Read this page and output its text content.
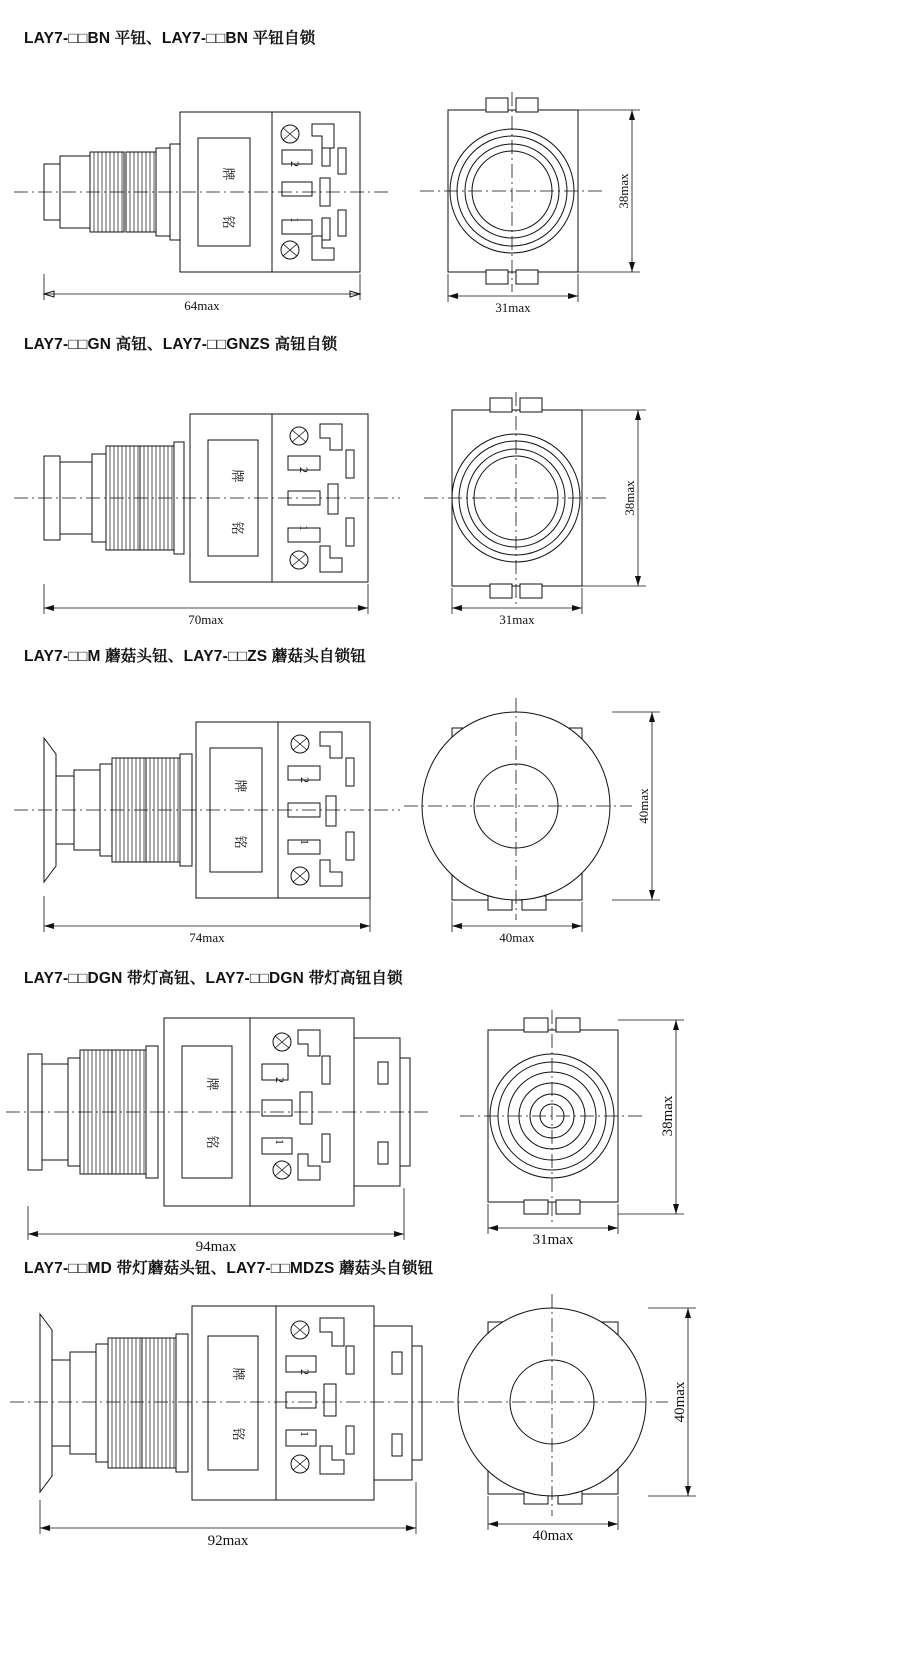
LAY7-□□BN 平钮、LAY7-□□BN 平钮自锁
牌
铭
2
1
64max	31max
38max
LAY7-□□GN 高钮、LAY7-□□GNZS 高钮自锁
牌
铭
2
1
70max	31max
38max
LAY7-□□M 蘑菇头钮、LAY7-□□ZS 蘑菇头自锁钮
牌
铭
2
1
74max	40max
40max
LAY7-□□DGN 带灯高钮、LAY7-□□DGN 带灯高钮自锁
牌
铭
2
1
94max	31max
38max
LAY7-□□MD 带灯蘑菇头钮、LAY7-□□MDZS 蘑菇头自锁钮
牌
铭
2
1
92max	40max
40max
